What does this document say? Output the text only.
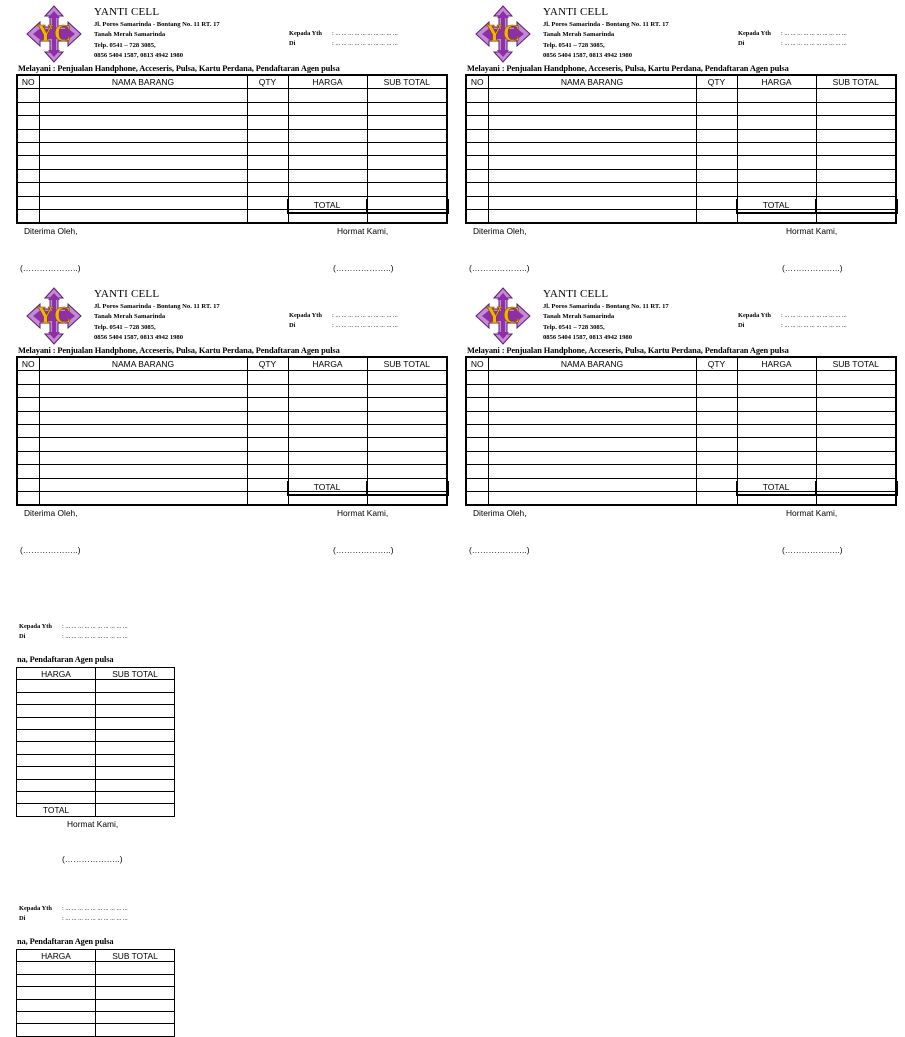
YC
YANTI CELL
Jl. Poros Samarinda - Bontang No. 11 RT. 17
Tanah Merah Samarinda
Telp. 0541 – 728 3085,
0856 5404 1587, 0813 4942 1980
Kepada Yth : ... ... ... ... ... ... ... ... ... ...
Di	: ... ... ... ... ... ... ... ... ... ...
Melayani : Penjualan Handphone, Acceseris, Pulsa, Kartu Perdana, Pendaftaran Agen pulsa
NO	NAMA BARANG	QTY	HARGA	SUB TOTAL

TOTAL
Diterima Oleh,	Hormat Kami,
(………………..)	(………………..)
YC
YANTI CELL
Jl. Poros Samarinda - Bontang No. 11 RT. 17
Tanah Merah Samarinda
Telp. 0541 – 728 3085,
0856 5404 1587, 0813 4942 1980
Kepada Yth : ... ... ... ... ... ... ... ... ... ...
Di	: ... ... ... ... ... ... ... ... ... ...
Melayani : Penjualan Handphone, Acceseris, Pulsa, Kartu Perdana, Pendaftaran Agen pulsa
NO	NAMA BARANG	QTY	HARGA	SUB TOTAL

TOTAL
Diterima Oleh,	Hormat Kami,
(………………..)	(………………..)
YC
YANTI CELL
Jl. Poros Samarinda - Bontang No. 11 RT. 17
Tanah Merah Samarinda
Telp. 0541 – 728 3085,
0856 5404 1587, 0813 4942 1980
Kepada Yth : ... ... ... ... ... ... ... ... ... ...
Di	: ... ... ... ... ... ... ... ... ... ...
Melayani : Penjualan Handphone, Acceseris, Pulsa, Kartu Perdana, Pendaftaran Agen pulsa
NO	NAMA BARANG	QTY	HARGA	SUB TOTAL

TOTAL
Diterima Oleh,	Hormat Kami,
(………………..)	(………………..)
YC
YANTI CELL
Jl. Poros Samarinda - Bontang No. 11 RT. 17
Tanah Merah Samarinda
Telp. 0541 – 728 3085,
0856 5404 1587, 0813 4942 1980
Kepada Yth : ... ... ... ... ... ... ... ... ... ...
Di	: ... ... ... ... ... ... ... ... ... ...
Melayani : Penjualan Handphone, Acceseris, Pulsa, Kartu Perdana, Pendaftaran Agen pulsa
NO	NAMA BARANG	QTY	HARGA	SUB TOTAL

TOTAL
Diterima Oleh,	Hormat Kami,
(………………..)	(………………..)
Kepada Yth : ... ... ... ... ... ... ... ... ... ...
Di	: ... ... ... ... ... ... ... ... ... ...
na, Pendaftaran Agen pulsa
HARGA	SUB TOTAL

TOTAL	
Hormat Kami,
(………………..)
Kepada Yth : ... ... ... ... ... ... ... ... ... ...
Di	: ... ... ... ... ... ... ... ... ... ...
na, Pendaftaran Agen pulsa
HARGA	SUB TOTAL
